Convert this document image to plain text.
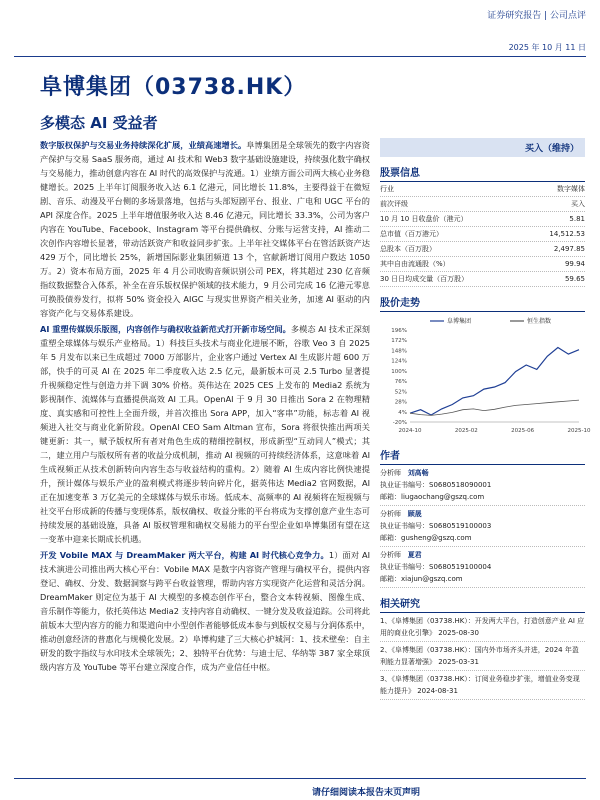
证券研究报告 | 公司点评
2025 年 10 月 11 日
阜博集团（03738.HK）
多模态 AI 受益者

数字版权保护与交易业务持续深化扩展，业绩高速增长。阜博集团是全球领先的数字内容资产保护与交易 SaaS 服务商，通过 AI 技术和 Web3 数字基础设施建设，持续强化数字确权与交易能力，推动创意内容在 AI 时代的高效保护与流通。1）业绩方面公司两大核心业务稳健增长。2025 上半年订阅服务收入达 6.1 亿港元，同比增长 11.8%，主要得益于在微短剧、音乐、动漫及平台侧的多场景落地，包括与头部短剧平台、报业、广电和 UGC 平台的 API 深度合作。2025 上半年增值服务收入达 8.46 亿港元，同比增长 33.3%，公司为客户内容在 YouTube、Facebook、Instagram 等平台提供确权、分账与运营支持，AI 推动二次创作内容增长显著，带动活跃资产和收益同步扩张。上半年社交媒体平台在管活跃资产达 429 万个，同比增长 25%，新增国际影业集团频道 13 个，官献新增订阅用户数达 1050 万。2）资本布局方面，2025 年 4 月公司收购音频识别公司 PEX，将其超过 230 亿音频指纹数据整合入体系，补全在音乐版权保护领域的技术能力，9 月公司完成 16 亿港元零息可换股债券发行，拟将 50% 资金投入 AIGC 与现实世界资产相关业务，加速 AI 驱动的内容资产化与交易体系建设。

AI 重塑传媒娱乐版图，内容创作与确权收益新范式打开新市场空间。多模态 AI 技术正深刻重塑全球媒体与娱乐产业格局。1）科技巨头技术与商业化进展不断，谷歌 Veo 3 自 2025 年 5 月发布以来已生成超过 7000 万部影片，企业客户通过 Vertex AI 生成影片超 600 万部，快手的可灵 AI 在 2025 年二季度收入达 2.5 亿元，最新版本可灵 2.5 Turbo 显著提升视频稳定性与创造力并下调 30% 价格。英伟达在 2025 CES 上发布的 Media2 系统为影视制作、流媒体与直播提供高效 AI 工具。OpenAI 于 9 月 30 日推出 Sora 2 在物理精度、真实感和可控性上全面升级，并首次推出 Sora APP，加入“客串”功能，标志着 AI 视频进入社交与商业化新阶段。OpenAI CEO Sam Altman 宣布，Sora 将很快推出两项关键更新：其一，赋予版权所有者对角色生成的精细控制权，形成新型“互动同人”模式；其二，建立用户与版权所有者的收益分成机制，推动 AI 视频的可持续经济体系，这意味着 AI 生成视频正从技术创新转向内容生态与收益结构的重构。2）随着 AI 生成内容比例快速提升，预计媒体与娱乐产业的盈利模式将逐步转向碎片化，据英伟达 Media2 官网数据，AI 正在加速变革 3 万亿美元的全球媒体与娱乐市场。低成本、高频率的 AI 视频将在短视频与社交平台形成新的传播与变现体系，版权确权、收益分账的平台将成为支撑创意产业生态可持续发展的基础设施，具备 AI 版权管理和确权交易能力的平台型企业如阜博集团有望在这一变革中迎来长期成长机遇。

开发 Vobile MAX 与 DreamMaker 两大平台，构建 AI 时代核心竞争力。1）面对 AI 技术演进公司推出两大核心平台：Vobile MAX 是数字内容资产管理与确权平台，提供内容登记、确权、分发、数据洞察与跨平台收益管理，帮助内容方实现资产化运营和灵活分润。DreamMaker 则定位为基于 AI 大模型的多模态创作平台，整合文本转视频、图像生成、音乐制作等能力，依托英伟达 Media2 支持内容自动确权、一键分发及收益追踪。公司将此前版本大型内容方的能力和渠道向中小型创作者能够低成本参与到版权交易与分润体系中，推动创意经济的普惠化与规模化发展。2）阜博构建了三大核心护城河：1、技术壁垒：自主研发的数字指纹与水印技术全球领先；2、独特平台优势：与迪士尼、华纳等 387 家全球顶级内容方及 YouTube 等平台建立深度合作，成为产业信任中枢。

买入（维持）
股票信息
行业	数字媒体
前次评级	买入
10 月 10 日收盘价（港元）	5.81
总市值（百万港元）	14,512.53
总股本（百万股）	2,497.85
其中自由流通股（%）	99.94
30 日日均成交量（百万股）	59.65
股价走势
-20%
4%
28%
52%
76%
100%
124%
148%
172%
196%
2024-10	2025-02	2025-06	2025-10
阜博集团	恒生指数
作者
分析师 刘高畅
执业证书编号：S0680518090001
邮箱：liugaochang@gszq.com
分析师 顾晟
执业证书编号：S0680519100003
邮箱：gusheng@gszq.com
分析师 夏君
执业证书编号：S0680519100004
邮箱：xiajun@gszq.com
相关研究
1、《阜博集团（03738.HK）：开发两大平台，打造创意产业 AI 应用的商业化引擎》 2025-08-30
2、《阜博集团（03738.HK）：国内外市场齐头并进，2024 年盈利能力显著增强》 2025-03-31
3、《阜博集团（03738.HK）：订阅业务稳步扩张，增值业务变现能力提升》 2024-08-31
请仔细阅读本报告末页声明
